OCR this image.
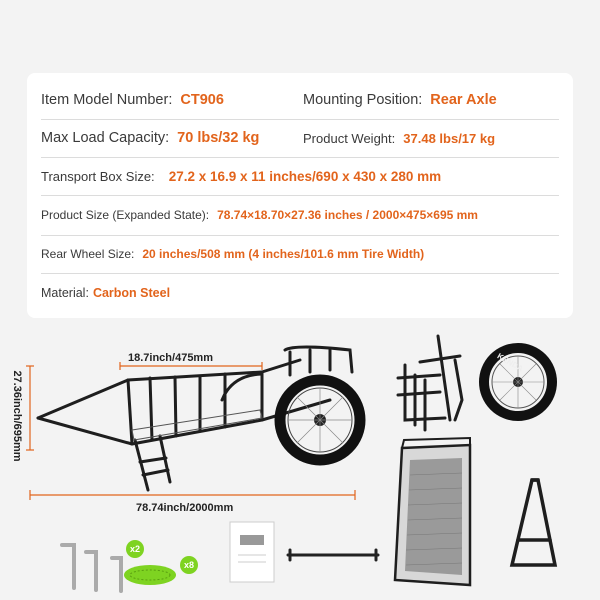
Item Model Number: CT906	Mounting Position: Rear Axle
Max Load Capacity: 70 lbs/32 kg	Product Weight: 37.48 lbs/17 kg
Transport Box Size: 27.2 x 16.9 x 11 inches/690 x 430 x 280 mm
Product Size (Expanded State): 78.74×18.70×27.36 inches / 2000×475×695 mm
Rear Wheel Size: 20 inches/508 mm (4 inches/101.6 mm Tire Width)
Material: Carbon Steel
18.7inch/475mm
78.74inch/2000mm
27.36inch/695mm
KENDA
x2
x8
